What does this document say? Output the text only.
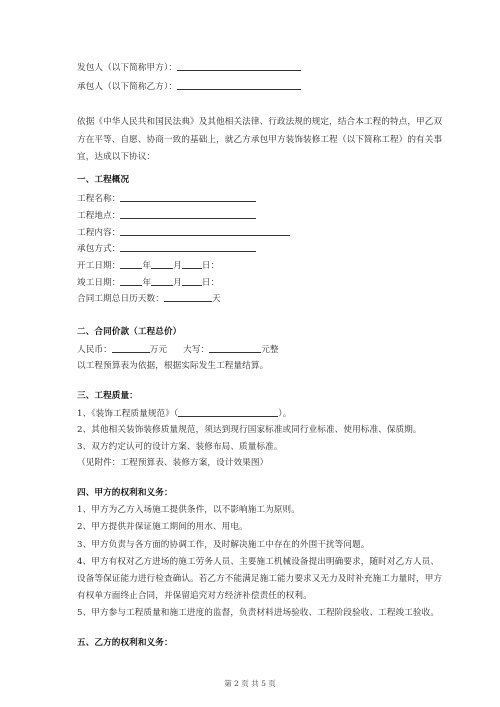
发包人（以下简称甲方）：
承包人（以下简称乙方）：
依据《中华人民共和国民法典》及其他相关法律、行政法规的规定，结合本工程的特点，甲乙双
方在平等、自愿、协商一致的基础上，就乙方承包甲方装饰装修工程（以下简称工程）的有关事
宜，达成以下协议：
一、工程概况
工程名称：
工程地点：
工程内容：
承包方式：
开工日期：	年	月 日：
竣工日期：	年	月 日：
合同工期总日历天数：	天
二、合同价款（工程总价）
人民币：	万元 大写：	元整
以工程预算表为依据，根据实际发生工程量结算。
三、工程质量：
1、《装饰工程质量规范》（	）。
2、其他相关装饰装修质量规范，须达到现行国家标准或同行业标准、使用标准、保质期。
3、双方约定认可的设计方案、装修布局、质量标准。
（见附件：工程预算表、装修方案，设计效果图）
四、甲方的权利和义务：
1、甲方为乙方入场施工提供条件，以不影响施工为原则。
2、甲方提供并保证施工期间的用水、用电。
3、甲方负责与各方面的协调工作，及时解决施工中存在的外围干扰等问题。
4、甲方有权对乙方进场的施工劳务人员、主要施工机械设备提出明确要求，随时对乙方人员、
设备等保证能力进行检查确认。若乙方不能满足施工能力要求又无力及时补充施工力量时，甲方
有权单方面终止合同，并保留追究对方经济补偿责任的权利。
5、甲方参与工程质量和施工进度的监督，负责材料进场验收、工程阶段验收、工程竣工验收。
五、乙方的权利和义务：
第 2 页 共 5 页
